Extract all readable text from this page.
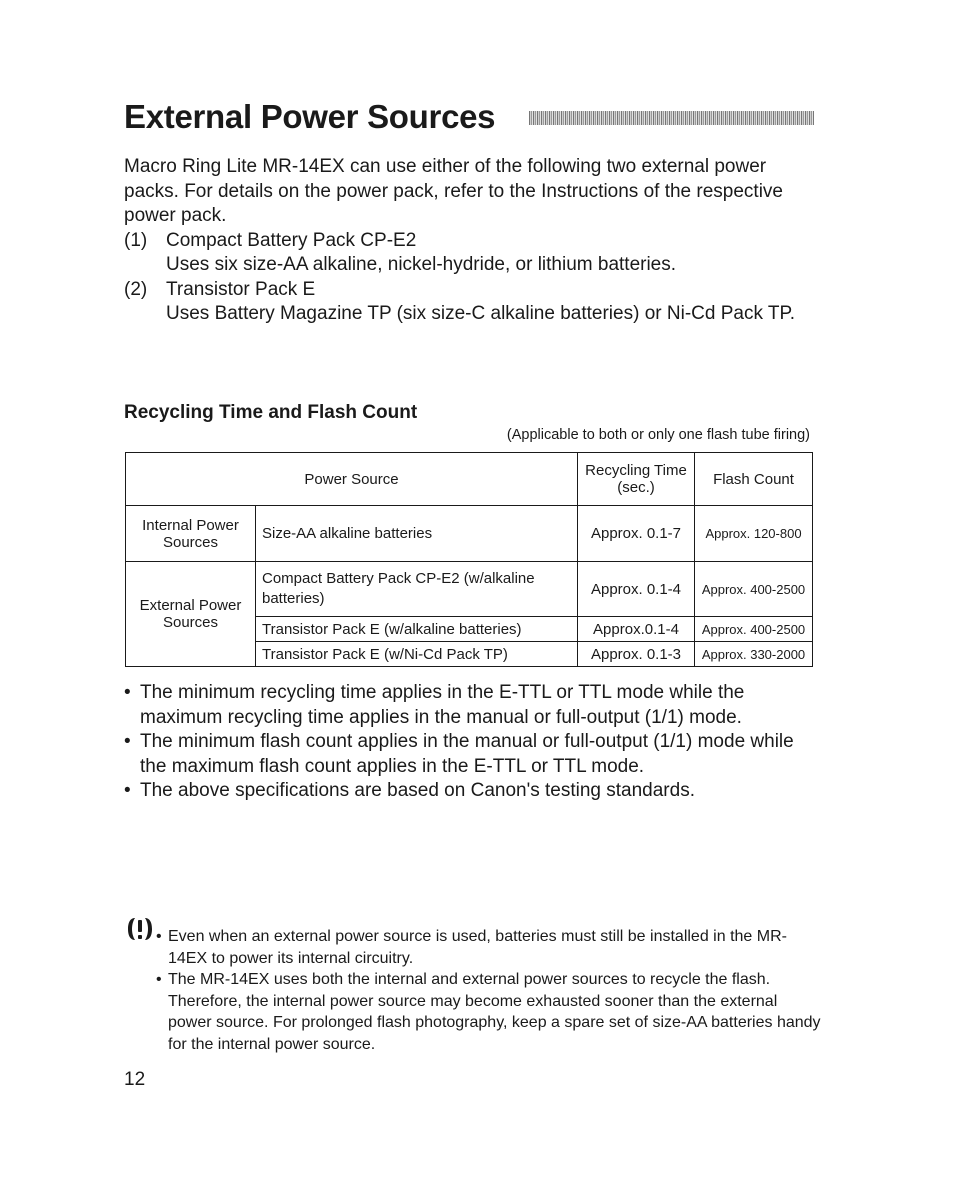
External Power Sources

Macro Ring Lite MR-14EX can use either of the following two external power packs. For details on the power pack, refer to the Instructions of the respective power pack.

(1) Compact Battery Pack CP-E2

Uses six size-AA alkaline, nickel-hydride, or lithium batteries.

(2) Transistor Pack E

Uses Battery Magazine TP (six size-C alkaline batteries) or Ni-Cd Pack TP.

Recycling Time and Flash Count
(Applicable to both or only one flash tube firing)
Power Source		Recycling Time (sec.)	Flash Count
Internal Power Sources	Size-AA alkaline batteries	Approx. 0.1-7	Approx. 120-800
External Power Sources	Compact Battery Pack CP-E2 (w/alkaline batteries)	Approx. 0.1-4	Approx. 400-2500
	Transistor Pack E (w/alkaline batteries)	Approx.0.1-4	Approx. 400-2500
	Transistor Pack E (w/Ni-Cd Pack TP)	Approx. 0.1-3	Approx. 330-2000
• The minimum recycling time applies in the E-TTL or TTL mode while the maximum recycling time applies in the manual or full-output (1/1) mode.
• The minimum flash count applies in the manual or full-output (1/1) mode while the maximum flash count applies in the E-TTL or TTL mode.
• The above specifications are based on Canon's testing standards.
• Even when an external power source is used, batteries must still be installed in the MR-14EX to power its internal circuitry.
• The MR-14EX uses both the internal and external power sources to recycle the flash. Therefore, the internal power source may become exhausted sooner than the external power source. For prolonged flash photography, keep a spare set of size-AA batteries handy for the internal power source.
12
